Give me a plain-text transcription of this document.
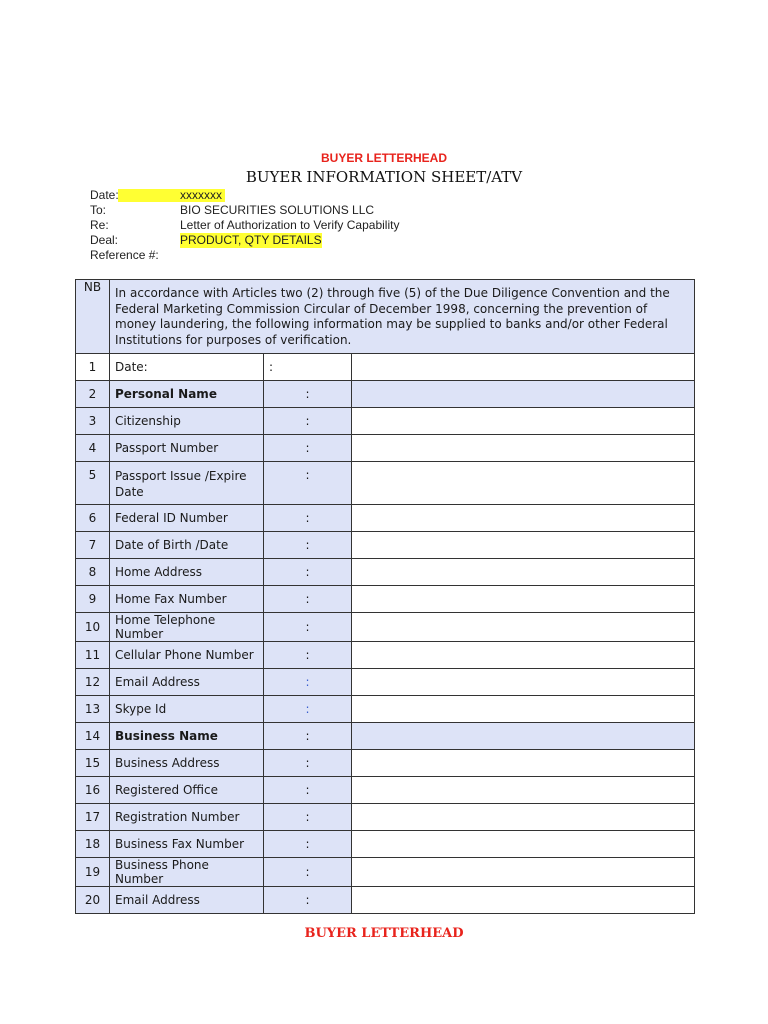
BUYER LETTERHEAD
BUYER INFORMATION SHEET/ATV
Date:	xxxxxxx
To:	BIO SECURITIES SOLUTIONS LLC
Re:	Letter of Authorization to Verify Capability
Deal:	PRODUCT, QTY DETAILS
Reference #:
NB	In accordance with Articles two (2) through five (5) of the Due Diligence Convention and the Federal Marketing Commission Circular of December 1998, concerning the prevention of money laundering, the following information may be supplied to banks and/or other Federal Institutions for purposes of verification.		
1	Date:	:	
2	Personal Name	:	
3	Citizenship	:	
4	Passport Number	:	
5	Passport Issue /Expire Date	:	
6	Federal ID Number	:	
7	Date of Birth /Date	:	
8	Home Address	:	
9	Home Fax Number	:	
10	Home Telephone Number	:	
11	Cellular Phone Number	:	
12	Email Address	:	
13	Skype Id	:	
14	Business Name	:	
15	Business Address	:	
16	Registered Office	:	
17	Registration Number	:	
18	Business Fax Number	:	
19	Business Phone Number	:	
20	Email Address	:	
BUYER LETTERHEAD
